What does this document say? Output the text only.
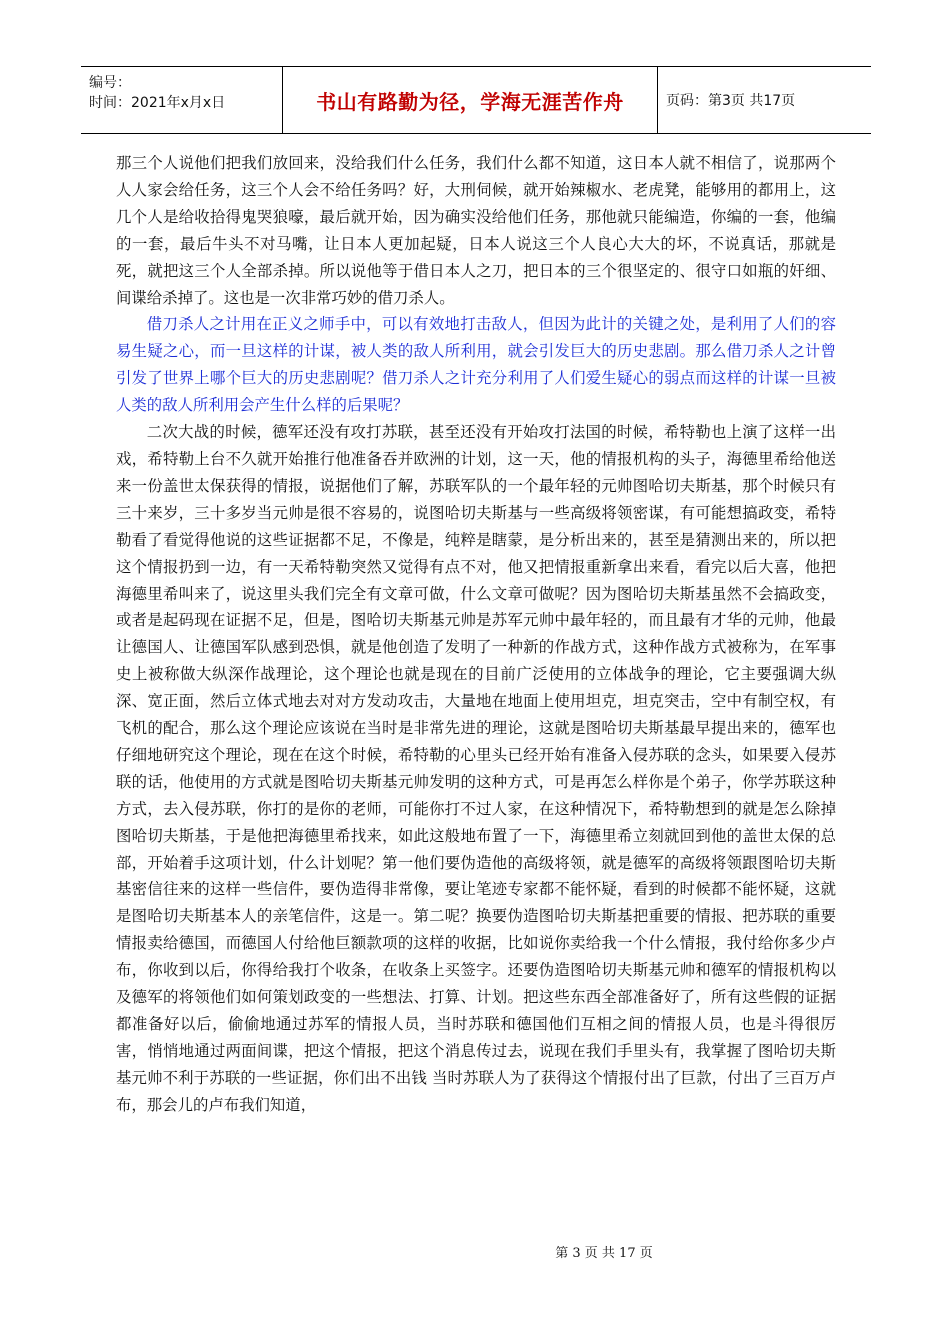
编号：
时间：2021年x月x日	书山有路勤为径，学海无涯苦作舟	页码：第3页 共17页

那三个人说他们把我们放回来，没给我们什么任务，我们什么都不知道，这日本人就不相信了，说那两个人人家会给任务，这三个人会不给任务吗？好，大刑伺候，就开始辣椒水、老虎凳，能够用的都用上，这几个人是给收拾得鬼哭狼嚎，最后就开始，因为确实没给他们任务，那他就只能编造，你编的一套，他编的一套，最后牛头不对马嘴，让日本人更加起疑，日本人说这三个人良心大大的坏，不说真话，那就是死，就把这三个人全部杀掉。所以说他等于借日本人之刀，把日本的三个很坚定的、很守口如瓶的奸细、间谍给杀掉了。这也是一次非常巧妙的借刀杀人。

借刀杀人之计用在正义之师手中，可以有效地打击敌人，但因为此计的关键之处，是利用了人们的容易生疑之心，而一旦这样的计谋，被人类的敌人所利用，就会引发巨大的历史悲剧。那么借刀杀人之计曾引发了世界上哪个巨大的历史悲剧呢？借刀杀人之计充分利用了人们爱生疑心的弱点而这样的计谋一旦被人类的敌人所利用会产生什么样的后果呢？

二次大战的时候，德军还没有攻打苏联，甚至还没有开始攻打法国的时候，希特勒也上演了这样一出戏，希特勒上台不久就开始推行他准备吞并欧洲的计划，这一天，他的情报机构的头子，海德里希给他送来一份盖世太保获得的情报，说据他们了解，苏联军队的一个最年轻的元帅图哈切夫斯基，那个时候只有三十来岁，三十多岁当元帅是很不容易的，说图哈切夫斯基与一些高级将领密谋，有可能想搞政变，希特勒看了看觉得他说的这些证据都不足，不像是，纯粹是瞎蒙，是分析出来的，甚至是猜测出来的，所以把这个情报扔到一边，有一天希特勒突然又觉得有点不对，他又把情报重新拿出来看，看完以后大喜，他把海德里希叫来了，说这里头我们完全有文章可做，什么文章可做呢？因为图哈切夫斯基虽然不会搞政变，或者是起码现在证据不足，但是，图哈切夫斯基元帅是苏军元帅中最年轻的，而且最有才华的元帅，他最让德国人、让德国军队感到恐惧，就是他创造了发明了一种新的作战方式，这种作战方式被称为，在军事史上被称做大纵深作战理论，这个理论也就是现在的目前广泛使用的立体战争的理论，它主要强调大纵深、宽正面，然后立体式地去对对方发动攻击，大量地在地面上使用坦克，坦克突击，空中有制空权，有飞机的配合，那么这个理论应该说在当时是非常先进的理论，这就是图哈切夫斯基最早提出来的，德军也仔细地研究这个理论，现在在这个时候，希特勒的心里头已经开始有准备入侵苏联的念头，如果要入侵苏联的话，他使用的方式就是图哈切夫斯基元帅发明的这种方式，可是再怎么样你是个弟子，你学苏联这种方式，去入侵苏联，你打的是你的老师，可能你打不过人家，在这种情况下，希特勒想到的就是怎么除掉图哈切夫斯基，于是他把海德里希找来，如此这般地布置了一下，海德里希立刻就回到他的盖世太保的总部，开始着手这项计划，什么计划呢？第一他们要伪造他的高级将领，就是德军的高级将领跟图哈切夫斯基密信往来的这样一些信件，要伪造得非常像，要让笔迹专家都不能怀疑，看到的时候都不能怀疑，这就是图哈切夫斯基本人的亲笔信件，这是一。第二呢？换要伪造图哈切夫斯基把重要的情报、把苏联的重要情报卖给德国，而德国人付给他巨额款项的这样的收据，比如说你卖给我一个什么情报，我付给你多少卢布，你收到以后，你得给我打个收条，在收条上买签字。还要伪造图哈切夫斯基元帅和德军的情报机构以及德军的将领他们如何策划政变的一些想法、打算、计划。把这些东西全部准备好了，所有这些假的证据都准备好以后，偷偷地通过苏军的情报人员，当时苏联和德国他们互相之间的情报人员，也是斗得很厉害，悄悄地通过两面间谍，把这个情报，把这个消息传过去，说现在我们手里头有，我掌握了图哈切夫斯基元帅不利于苏联的一些证据，你们出不出钱 当时苏联人为了获得这个情报付出了巨款，付出了三百万卢布，那会儿的卢布我们知道，

第 3 页 共 17 页
